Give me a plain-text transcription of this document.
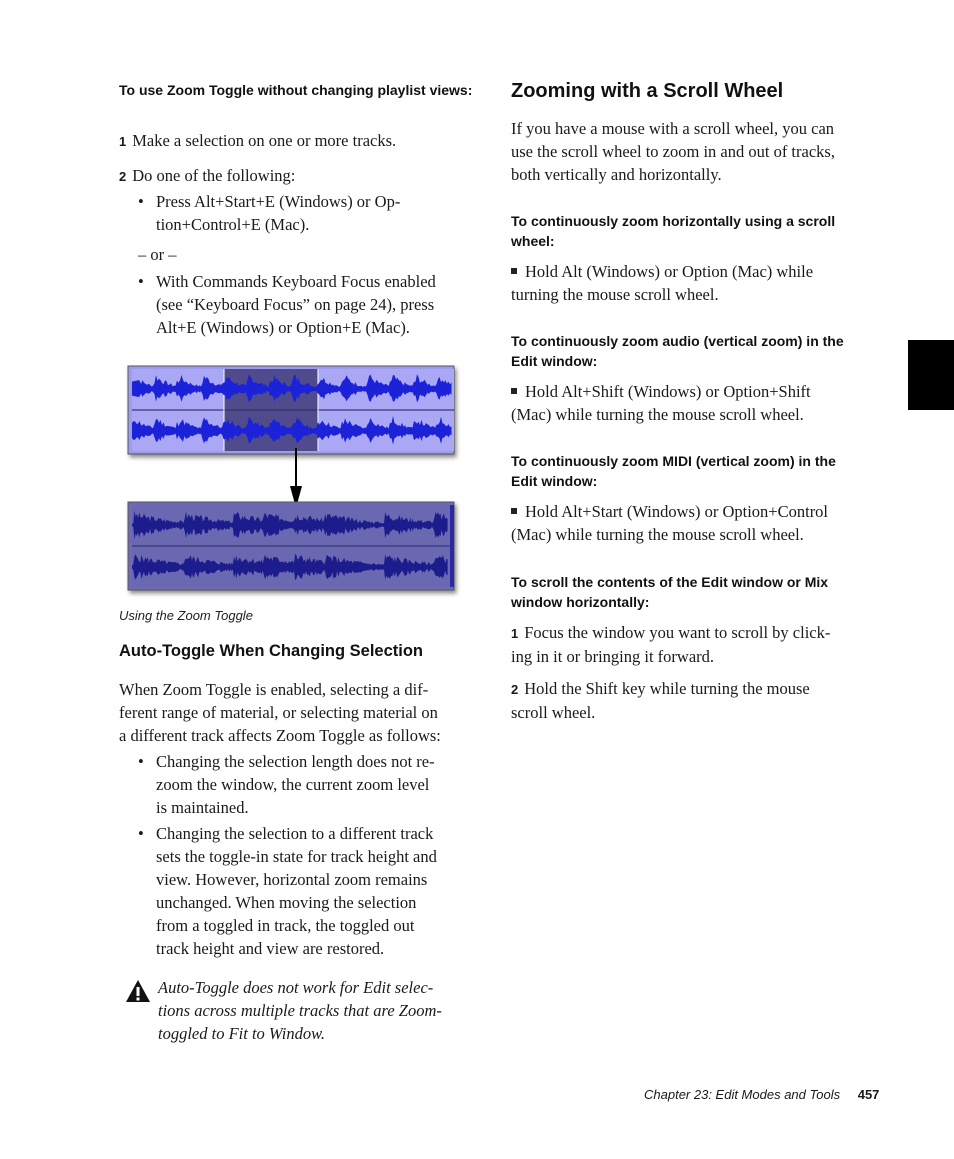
To use Zoom Toggle without changing playlist views:
1 Make a selection on one or more tracks.
2 Do one of the following:
• Press Alt+Start+E (Windows) or Op-
tion+Control+E (Mac).
– or –
• With Commands Keyboard Focus enabled
(see “Keyboard Focus” on page 24), press
Alt+E (Windows) or Option+E (Mac).
Using the Zoom Toggle
Auto-Toggle When Changing Selection
When Zoom Toggle is enabled, selecting a dif-
ferent range of material, or selecting material on
a different track affects Zoom Toggle as follows:
• Changing the selection length does not re-
zoom the window, the current zoom level
is maintained.
• Changing the selection to a different track
sets the toggle-in state for track height and
view. However, horizontal zoom remains
unchanged. When moving the selection
from a toggled in track, the toggled out
track height and view are restored.
Auto-Toggle does not work for Edit selec-
tions across multiple tracks that are Zoom-
toggled to Fit to Window.
Zooming with a Scroll Wheel
If you have a mouse with a scroll wheel, you can
use the scroll wheel to zoom in and out of tracks,
both vertically and horizontally.
To continuously zoom horizontally using a scroll
wheel:
Hold Alt (Windows) or Option (Mac) while
turning the mouse scroll wheel.
To continuously zoom audio (vertical zoom) in the
Edit window:
Hold Alt+Shift (Windows) or Option+Shift
(Mac) while turning the mouse scroll wheel.
To continuously zoom MIDI (vertical zoom) in the
Edit window:
Hold Alt+Start (Windows) or Option+Control
(Mac) while turning the mouse scroll wheel.
To scroll the contents of the Edit window or Mix
window horizontally:
1 Focus the window you want to scroll by click-
ing in it or bringing it forward.
2 Hold the Shift key while turning the mouse
scroll wheel.
Chapter 23: Edit Modes and Tools 457
